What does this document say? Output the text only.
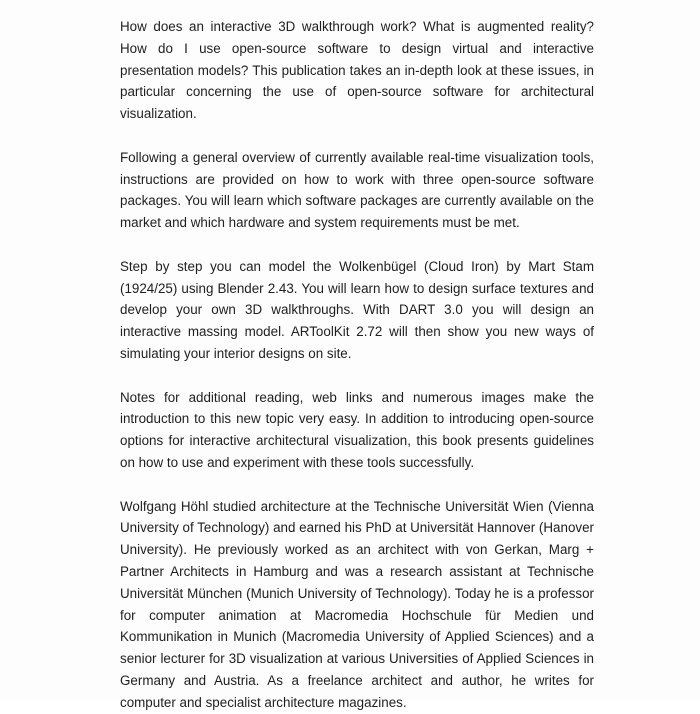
How does an interactive 3D walkthrough work? What is augmented reality? How do I use open-source software to design virtual and interactive presentation models? This publication takes an in-depth look at these issues, in particular concerning the use of open-source software for architectural visualization.

Following a general overview of currently available real-time visualization tools, instructions are provided on how to work with three open-source software packages. You will learn which software packages are currently available on the market and which hardware and system requirements must be met.

Step by step you can model the Wolkenbügel (Cloud Iron) by Mart Stam (1924/25) using Blender 2.43. You will learn how to design surface textures and develop your own 3D walkthroughs. With DART 3.0 you will design an interactive massing model. ARToolKit 2.72 will then show you new ways of simulating your interior designs on site.

Notes for additional reading, web links and numerous images make the introduction to this new topic very easy. In addition to introducing open-source options for interactive architectural visualization, this book presents guidelines on how to use and experiment with these tools successfully.

Wolfgang Höhl studied architecture at the Technische Universität Wien (Vienna University of Technology) and earned his PhD at Universität Hannover (Hanover University). He previously worked as an architect with von Gerkan, Marg + Partner Architects in Hamburg and was a research assistant at Technische Universität München (Munich University of Technology). Today he is a professor for computer animation at Macromedia Hochschule für Medien und Kommunikation in Munich (Macromedia University of Applied Sciences) and a senior lecturer for 3D visualization at various Universities of Applied Sciences in Germany and Austria. As a freelance architect and author, he writes for computer and specialist architecture magazines.
